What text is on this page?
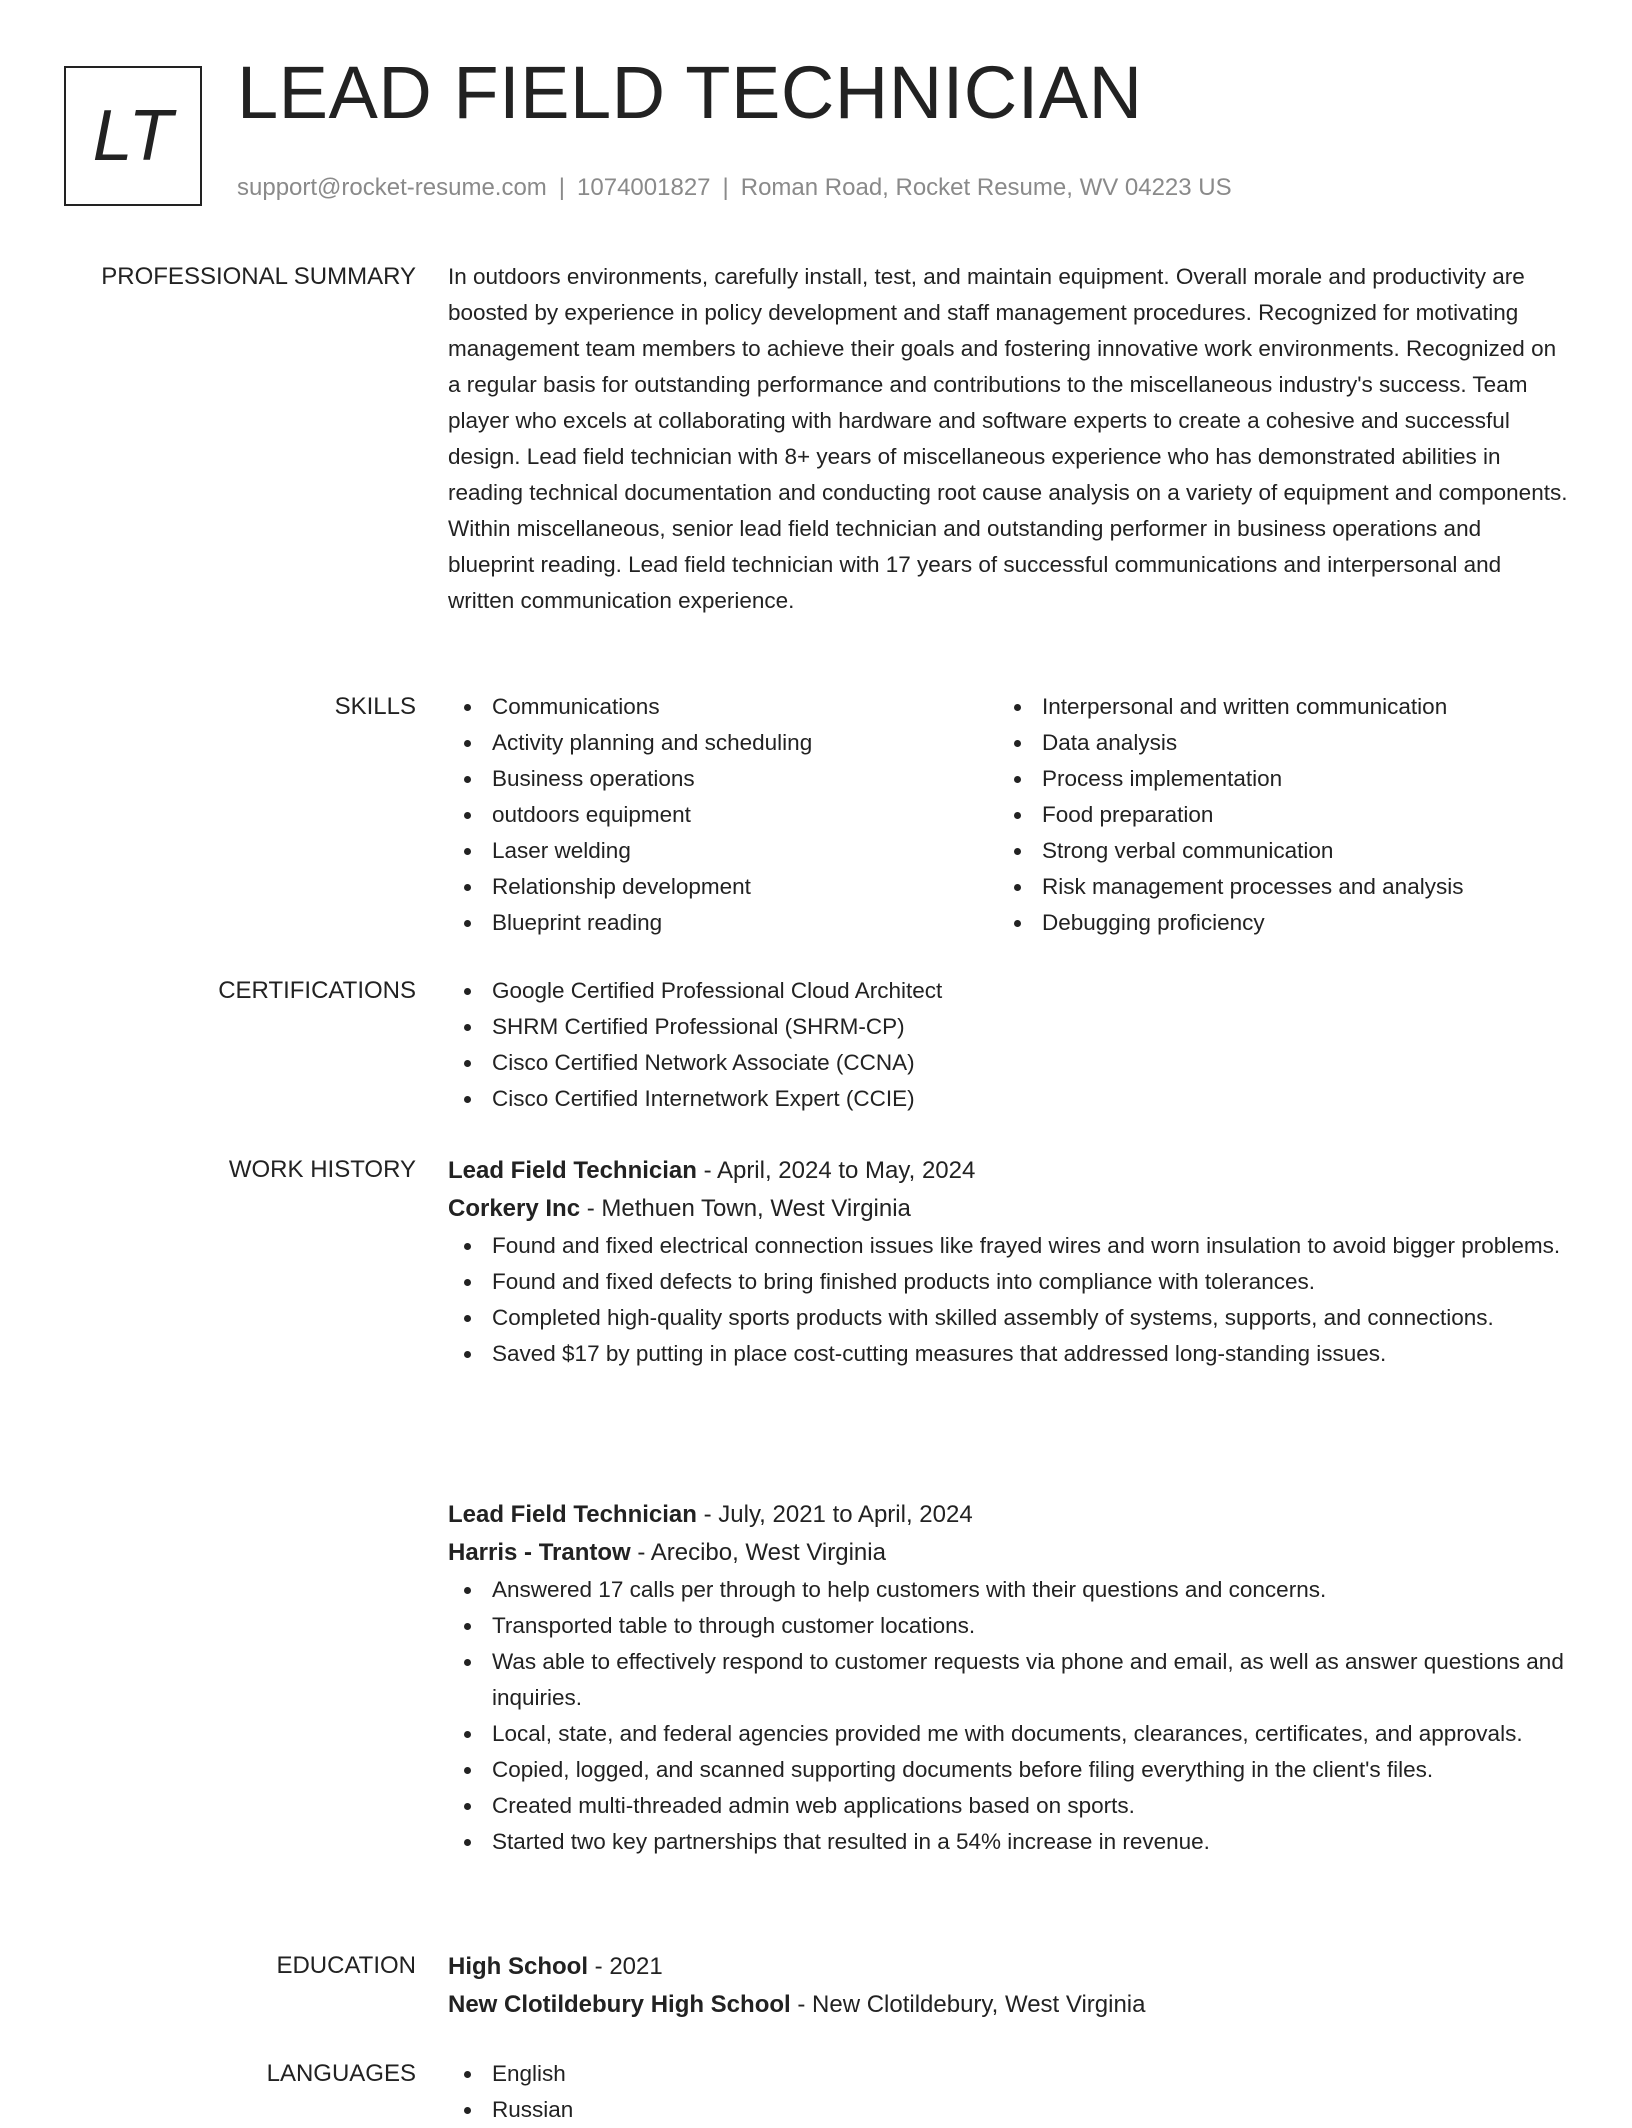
LT
LEAD FIELD TECHNICIAN
support@rocket-resume.com | 1074001827 | Roman Road, Rocket Resume, WV 04223 US
PROFESSIONAL SUMMARY In outdoors environments, carefully install, test, and maintain equipment. Overall morale and productivity are boosted by experience in policy development and staff management procedures. Recognized for motivating management team members to achieve their goals and fostering innovative work environments. Recognized on a regular basis for outstanding performance and contributions to the miscellaneous industry's success. Team player who excels at collaborating with hardware and software experts to create a cohesive and successful design. Lead field technician with 8+ years of miscellaneous experience who has demonstrated abilities in reading technical documentation and conducting root cause analysis on a variety of equipment and components. Within miscellaneous, senior lead field technician and outstanding performer in business operations and blueprint reading. Lead field technician with 17 years of successful communications and interpersonal and written communication experience.

SKILLS	Communications
Activity planning and scheduling
Business operations
outdoors equipment
Laser welding
Relationship development
Blueprint reading
Interpersonal and written communication
Data analysis
Process implementation
Food preparation
Strong verbal communication
Risk management processes and analysis
Debugging proficiency
CERTIFICATIONS	Google Certified Professional Cloud Architect
SHRM Certified Professional (SHRM-CP)
Cisco Certified Network Associate (CCNA)
Cisco Certified Internetwork Expert (CCIE)
WORK HISTORY Lead Field Technician - April, 2024 to May, 2024
Corkery Inc - Methuen Town, West Virginia
Found and fixed electrical connection issues like frayed wires and worn insulation to avoid bigger problems.
Found and fixed defects to bring finished products into compliance with tolerances.
Completed high-quality sports products with skilled assembly of systems, supports, and connections.
Saved $17 by putting in place cost-cutting measures that addressed long-standing issues.
Lead Field Technician - July, 2021 to April, 2024
Harris - Trantow - Arecibo, West Virginia
Answered 17 calls per through to help customers with their questions and concerns.
Transported table to through customer locations.
Was able to effectively respond to customer requests via phone and email, as well as answer questions and inquiries.
Local, state, and federal agencies provided me with documents, clearances, certificates, and approvals.
Copied, logged, and scanned supporting documents before filing everything in the client's files.
Created multi-threaded admin web applications based on sports.
Started two key partnerships that resulted in a 54% increase in revenue.
EDUCATION High School - 2021
New Clotildebury High School - New Clotildebury, West Virginia
LANGUAGES	English
Russian
